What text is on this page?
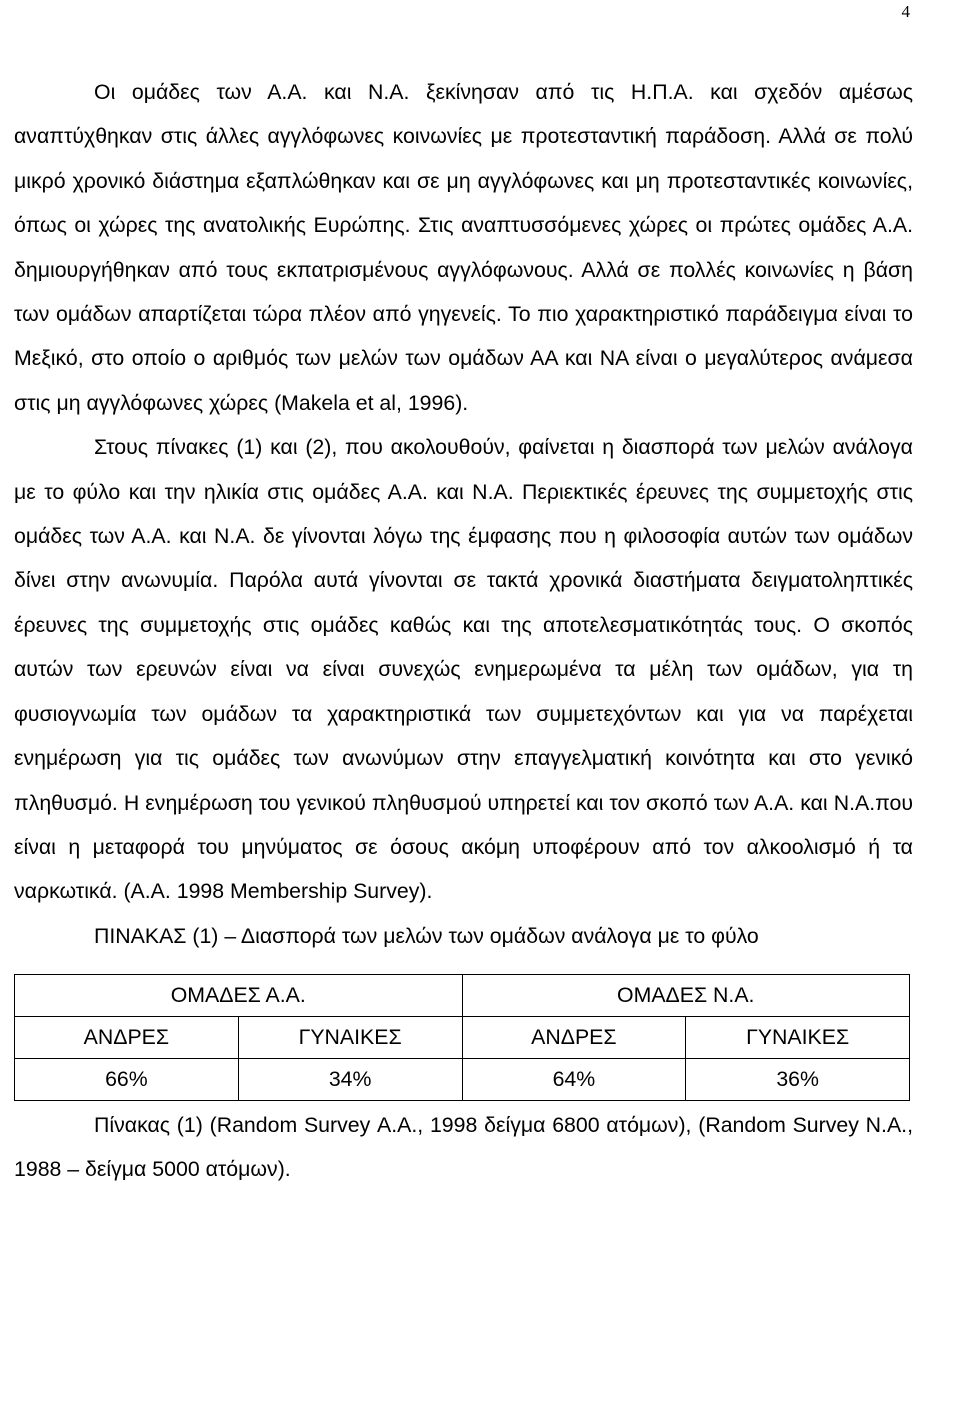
4

Οι ομάδες των Α.Α. και Ν.Α. ξεκίνησαν από τις Η.Π.Α. και σχεδόν αμέσως αναπτύχθηκαν στις άλλες αγγλόφωνες κοινωνίες με προτεσταντική παράδοση. Αλλά σε πολύ μικρό χρονικό διάστημα εξαπλώθηκαν και σε μη αγγλόφωνες και μη προτεσταντικές κοινωνίες, όπως οι χώρες της ανατολικής Ευρώπης. Στις αναπτυσσόμενες χώρες οι πρώτες ομάδες Α.Α. δημιουργήθηκαν από τους εκπατρισμένους αγγλόφωνους. Αλλά σε πολλές κοινωνίες η βάση των ομάδων απαρτίζεται τώρα πλέον από γηγενείς. Το πιο χαρακτηριστικό παράδειγμα είναι το Μεξικό, στο οποίο ο αριθμός των μελών των ομάδων ΑΑ και ΝΑ είναι ο μεγαλύτερος ανάμεσα στις μη αγγλόφωνες χώρες (Makela et al, 1996).

Στους πίνακες (1) και (2), που ακολουθούν, φαίνεται η διασπορά των μελών ανάλογα με το φύλο και την ηλικία στις ομάδες Α.Α. και Ν.Α. Περιεκτικές έρευνες της συμμετοχής στις ομάδες των Α.Α. και Ν.Α. δε γίνονται λόγω της έμφασης που η φιλοσοφία αυτών των ομάδων δίνει στην ανωνυμία. Παρόλα αυτά γίνονται σε τακτά χρονικά διαστήματα δειγματοληπτικές έρευνες της συμμετοχής στις ομάδες καθώς και της αποτελεσματικότητάς τους. Ο σκοπός αυτών των ερευνών είναι να είναι συνεχώς ενημερωμένα τα μέλη των ομάδων, για τη φυσιογνωμία των ομάδων τα χαρακτηριστικά των συμμετεχόντων και για να παρέχεται ενημέρωση για τις ομάδες των ανωνύμων στην επαγγελματική κοινότητα και στο γενικό πληθυσμό. Η ενημέρωση του γενικού πληθυσμού υπηρετεί και τον σκοπό των Α.Α. και Ν.Α.που είναι η μεταφορά του μηνύματος σε όσους ακόμη υποφέρουν από τον αλκοολισμό ή τα ναρκωτικά. (Α.Α. 1998 Membership Survey).

ΠΙΝΑΚΑΣ (1) – Διασπορά των μελών των ομάδων ανάλογα με το φύλο

ΟΜΑΔΕΣ Α.Α.		ΟΜΑΔΕΣ Ν.Α.	
ΑΝΔΡΕΣ	ΓΥΝΑΙΚΕΣ	ΑΝΔΡΕΣ	ΓΥΝΑΙΚΕΣ
66%	34%	64%	36%

Πίνακας (1) (Random Survey Α.Α., 1998 δείγμα 6800 ατόμων), (Random Survey Ν.Α., 1988 – δείγμα 5000 ατόμων).
